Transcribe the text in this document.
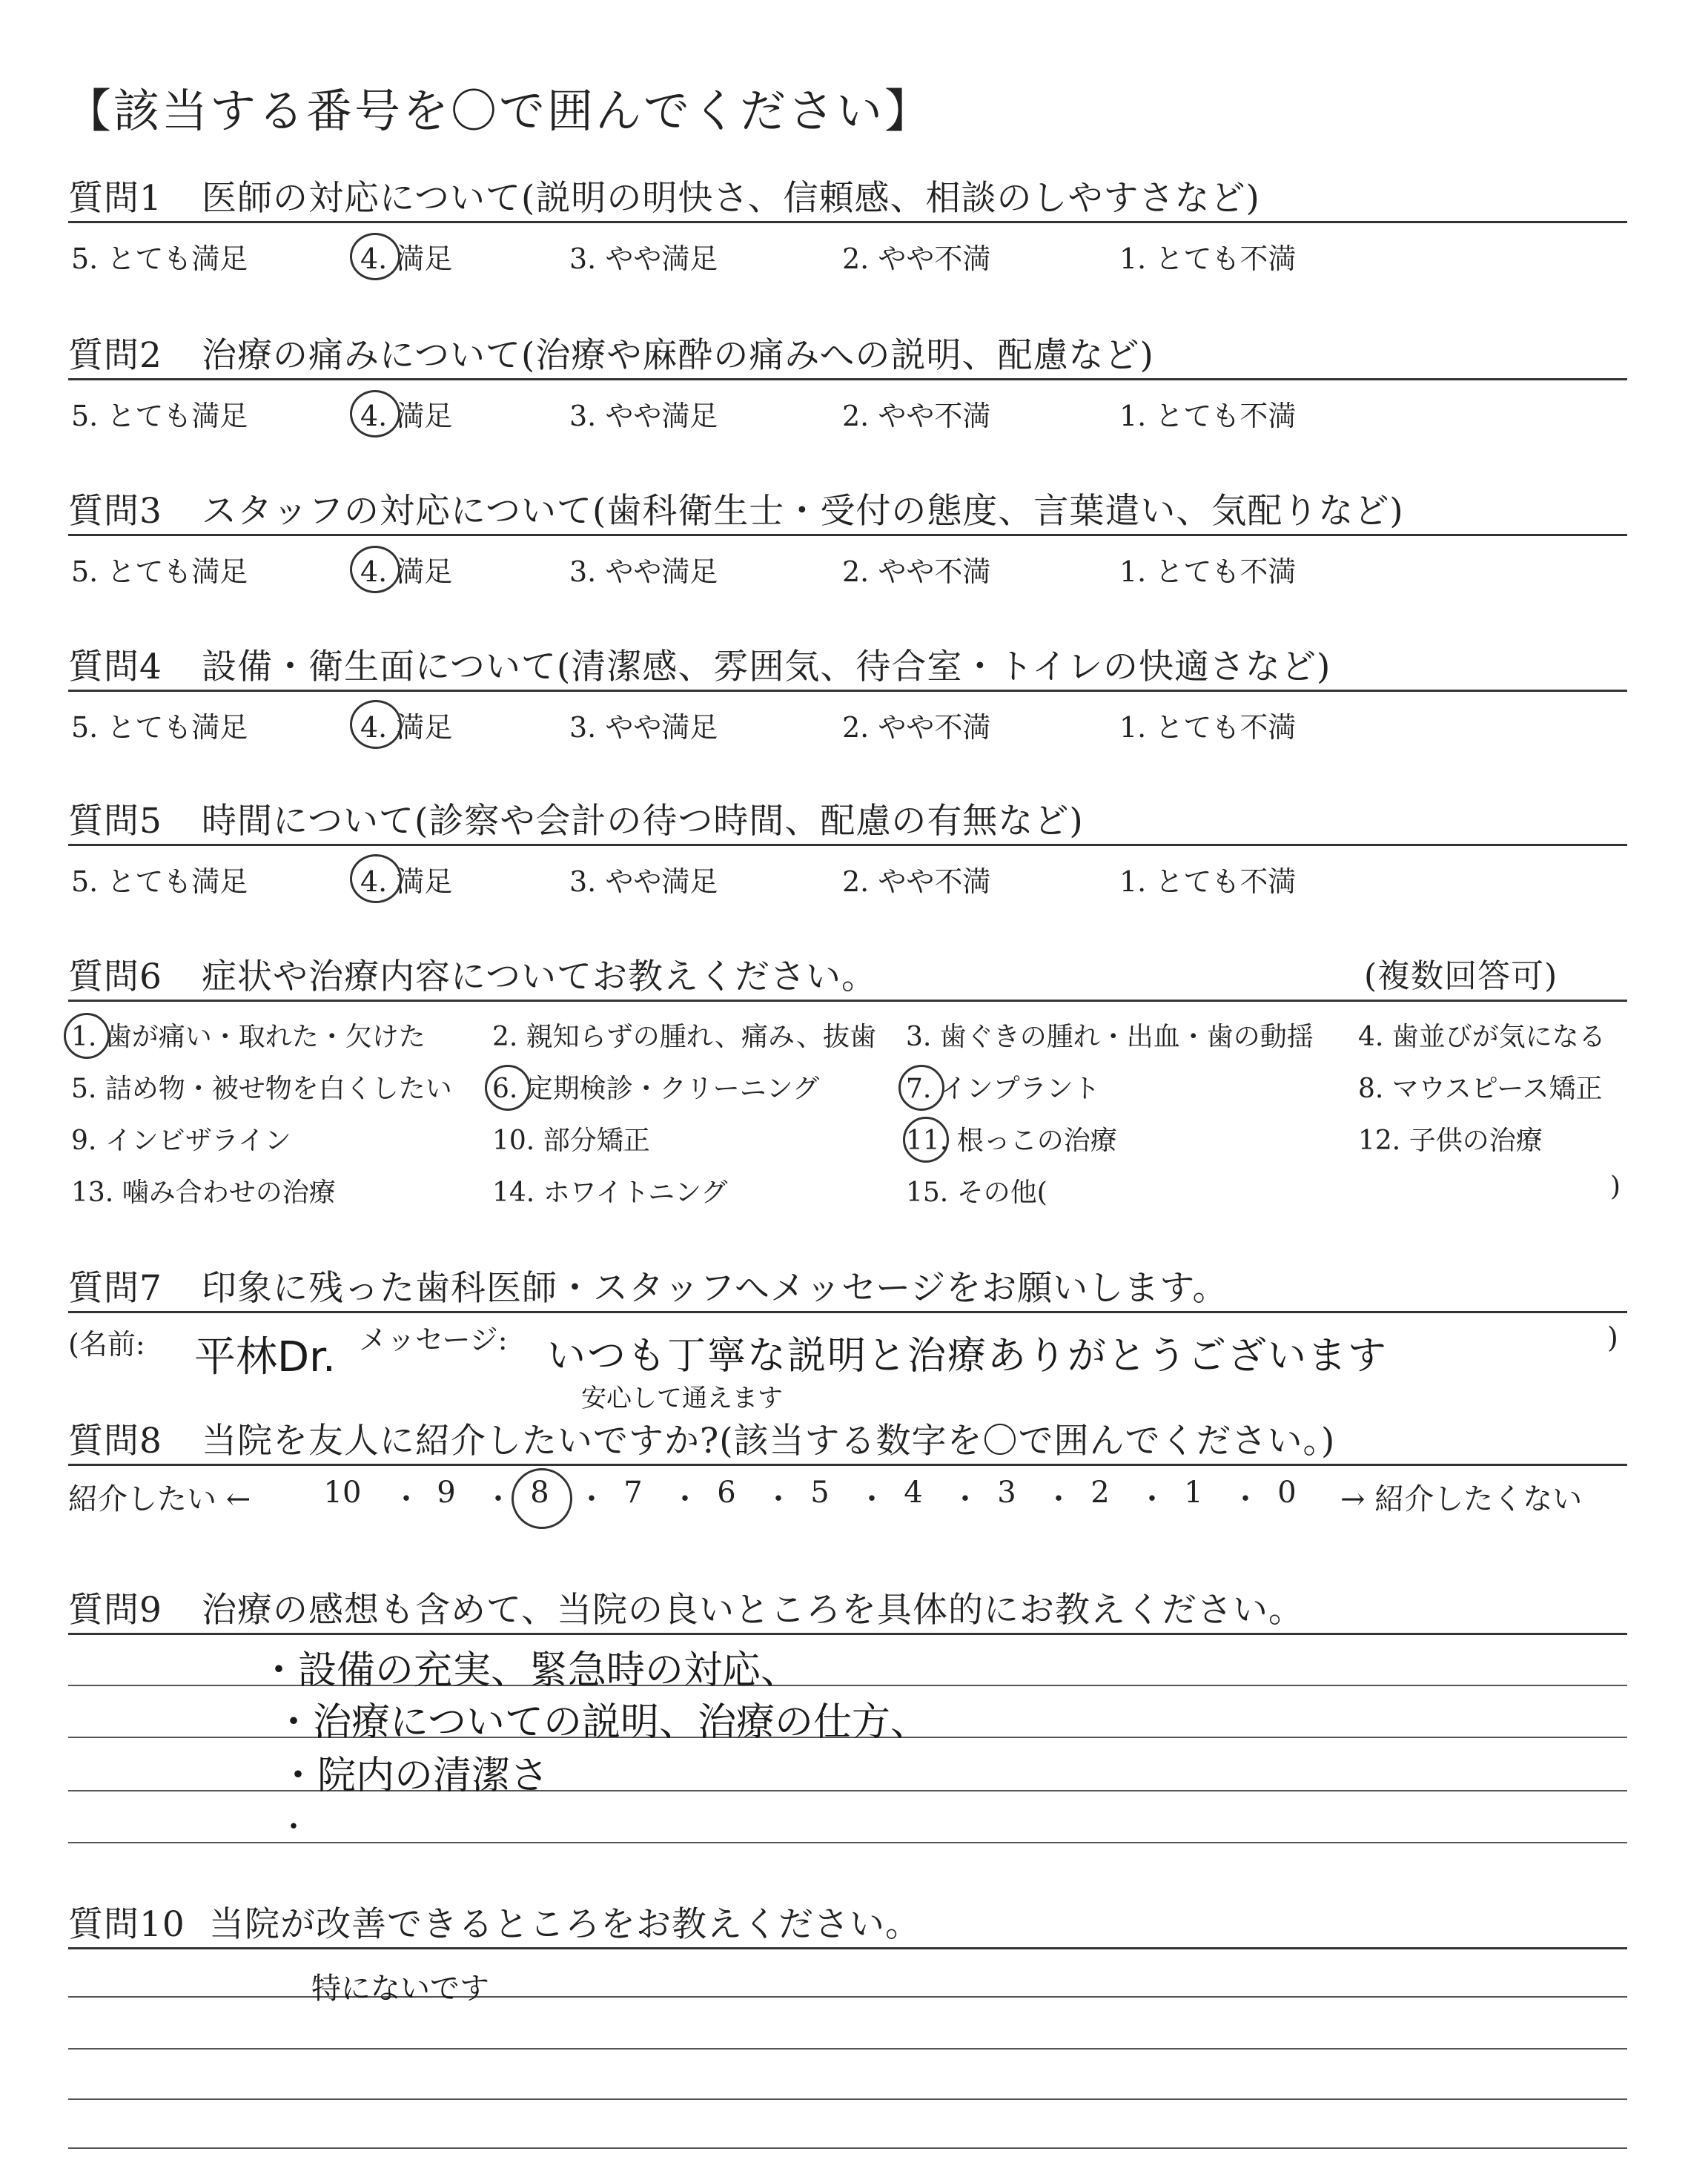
【該当する番号を〇で囲んでください】
質問1 医師の対応について(説明の明快さ、信頼感、相談のしやすさなど)
5. とても満足	4. 満足	3. やや満足	2. やや不満	1. とても不満
質問2 治療の痛みについて(治療や麻酔の痛みへの説明、配慮など)
5. とても満足	4. 満足	3. やや満足	2. やや不満	1. とても不満
質問3 スタッフの対応について(歯科衛生士・受付の態度、言葉遣い、気配りなど)
5. とても満足	4. 満足	3. やや満足	2. やや不満	1. とても不満
質問4 設備・衛生面について(清潔感、雰囲気、待合室・トイレの快適さなど)
5. とても満足	4. 満足	3. やや満足	2. やや不満	1. とても不満
質問5 時間について(診察や会計の待つ時間、配慮の有無など)
5. とても満足	4. 満足	3. やや満足	2. やや不満	1. とても不満
質問6 症状や治療内容についてお教えください。	(複数回答可)
1. 歯が痛い・取れた・欠けた	2. 親知らずの腫れ、痛み、抜歯 3. 歯ぐきの腫れ・出血・歯の動揺 4. 歯並びが気になる
5. 詰め物・被せ物を白くしたい 6. 定期検診・クリーニング	7. インプラント	8. マウスピース矯正
9. インビザライン	10. 部分矯正	11. 根っこの治療	12. 子供の治療
13. 噛み合わせの治療	14. ホワイトニング	15. その他(	)
質問7 印象に残った歯科医師・スタッフへメッセージをお願いします。
(名前:	メッセージ:	)
平林Dr.	いつも丁寧な説明と治療ありがとうございます
安心して通えます
質問8 当院を友人に紹介したいですか?(該当する数字を〇で囲んでください。)
紹介したい ←	→ 紹介したくない
10 ・ 9 ・ 8 ・ 7 ・ 6 ・ 5 ・ 4 ・ 3 ・ 2 ・ 1 ・ 0
質問9 治療の感想も含めて、当院の良いところを具体的にお教えください。
・設備の充実、緊急時の対応、
・治療についての説明、治療の仕方、
・院内の清潔さ
・
質問10 当院が改善できるところをお教えください。
特にないです
